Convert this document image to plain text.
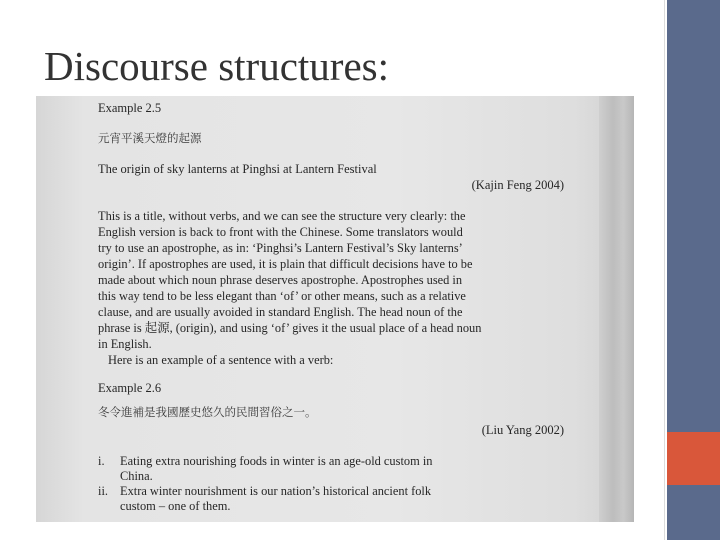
Discourse structures:
Example 2.5
元宵平溪天燈的起源
The origin of sky lanterns at Pinghsi at Lantern Festival
(Kajin Feng 2004)
This is a title, without verbs, and we can see the structure very clearly: the
English version is back to front with the Chinese. Some translators would
try to use an apostrophe, as in: ‘Pinghsi’s Lantern Festival’s Sky lanterns’
origin’. If apostrophes are used, it is plain that difficult decisions have to be
made about which noun phrase deserves apostrophe. Apostrophes used in
this way tend to be less elegant than ‘of’ or other means, such as a relative
clause, and are usually avoided in standard English. The head noun of the
phrase is 起源, (origin), and using ‘of’ gives it the usual place of a head noun
in English.
Here is an example of a sentence with a verb:
Example 2.6
冬令進補是我國歷史悠久的民間習俗之一。
(Liu Yang 2002)
i. Eating extra nourishing foods in winter is an age-old custom in
China.
ii. Extra winter nourishment is our nation’s historical ancient folk
custom – one of them.
